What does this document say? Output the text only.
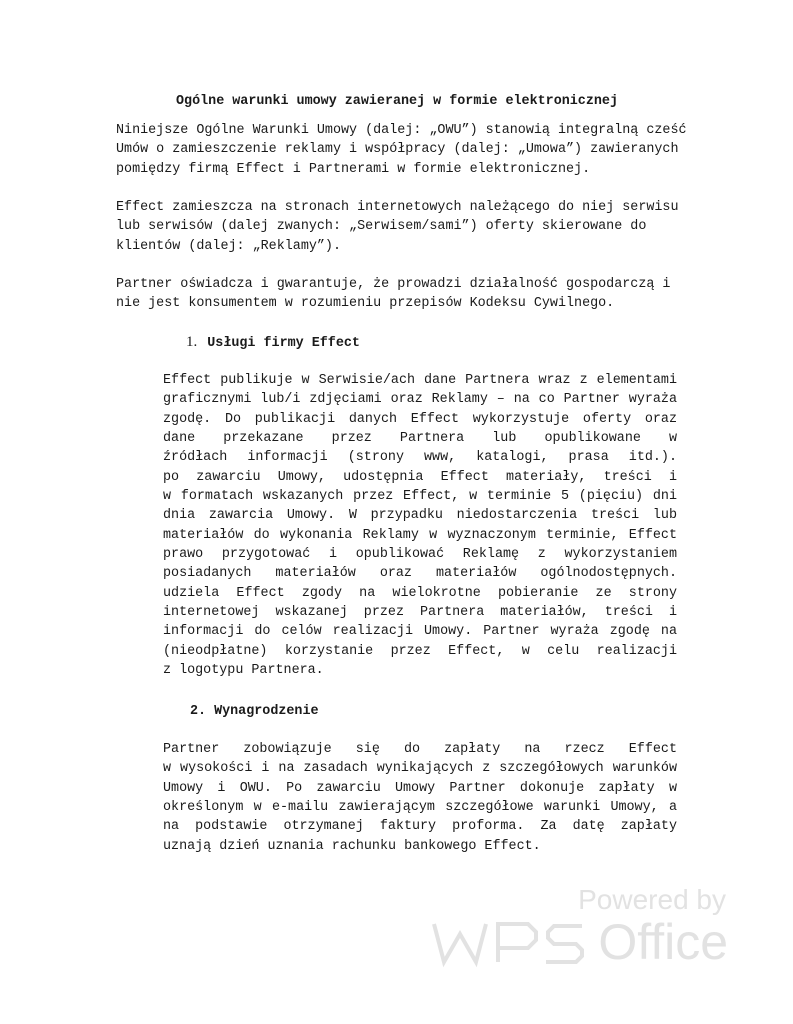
Ogólne warunki umowy zawieranej w formie elektronicznej

Niniejsze Ogólne Warunki Umowy (dalej: „OWU”) stanowią integralną cześć
Umów o zamieszczenie reklamy i współpracy (dalej: „Umowa”) zawieranych
pomiędzy firmą Effect i Partnerami w formie elektronicznej.

Effect zamieszcza na stronach internetowych należącego do niej serwisu
lub serwisów (dalej zwanych: „Serwisem/sami”) oferty skierowane do
klientów (dalej: „Reklamy”).

Partner oświadcza i gwarantuje, że prowadzi działalność gospodarczą i
nie jest konsumentem w rozumieniu przepisów Kodeksu Cywilnego.

1. Usługi firmy Effect

Effect publikuje w Serwisie/ach dane Partnera wraz z elementami
graficznymi lub/i zdjęciami oraz Reklamy – na co Partner wyraża
zgodę. Do publikacji danych Effect wykorzystuje oferty oraz
dane przekazane przez Partnera lub opublikowane w
źródłach informacji (strony www, katalogi, prasa itd.).
po zawarciu Umowy, udostępnia Effect materiały, treści i
w formatach wskazanych przez Effect, w terminie 5 (pięciu) dni
dnia zawarcia Umowy. W przypadku niedostarczenia treści lub
materiałów do wykonania Reklamy w wyznaczonym terminie, Effect
prawo przygotować i opublikować Reklamę z wykorzystaniem
posiadanych materiałów oraz materiałów ogólnodostępnych.
udziela Effect zgody na wielokrotne pobieranie ze strony
internetowej wskazanej przez Partnera materiałów, treści i
informacji do celów realizacji Umowy. Partner wyraża zgodę na
(nieodpłatne) korzystanie przez Effect, w celu realizacji
z logotypu Partnera.

2. Wynagrodzenie

Partner zobowiązuje się do zapłaty na rzecz Effect
w wysokości i na zasadach wynikających z szczegółowych warunków
Umowy i OWU. Po zawarciu Umowy Partner dokonuje zapłaty w
określonym w e-mailu zawierającym szczegółowe warunki Umowy, a
na podstawie otrzymanej faktury proforma. Za datę zapłaty
uznają dzień uznania rachunku bankowego Effect.

Powered by
Office
